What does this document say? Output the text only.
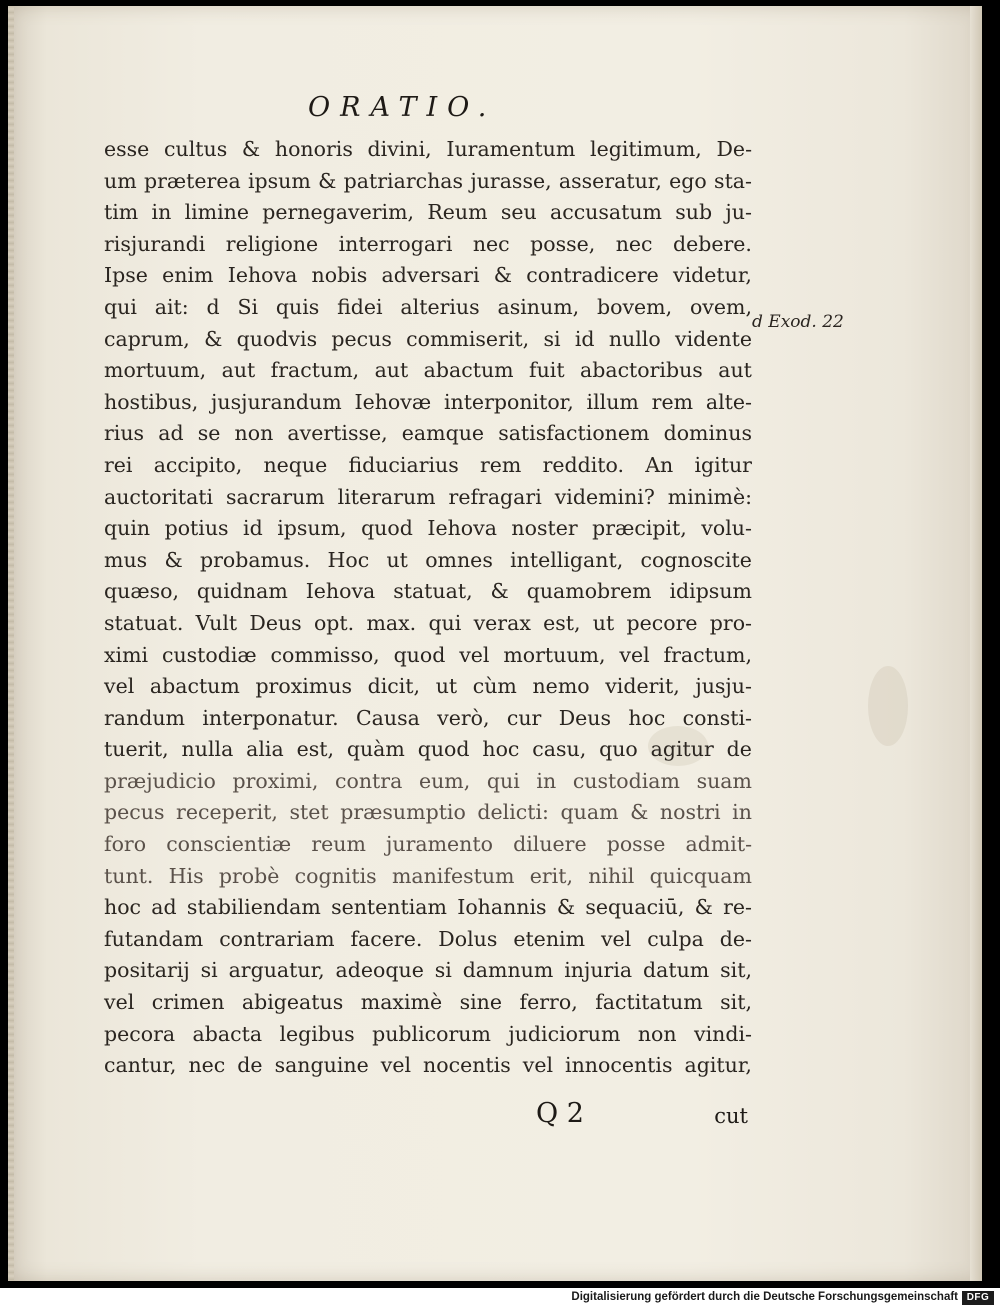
ORATIO.
esse cultus & honoris divini, Iuramentum legitimum, De-
um prӕterea ipsum & patriarchas jurasse, asseratur, ego sta-
tim in limine pernegaverim, Reum seu accusatum sub ju-
risjurandi religione interrogari nec posse, nec debere.
Ipse enim Iehova nobis adversari & contradicere videtur,
qui ait: d Si quis fidei alterius asinum, bovem, ovem,
caprum, & quodvis pecus commiserit, si id nullo vidente
mortuum, aut fractum, aut abactum fuit abactoribus aut
hostibus, jusjurandum Iehovӕ interponitor, illum rem alte-
rius ad se non avertisse, eamque satisfactionem dominus
rei accipito, neque fiduciarius rem reddito. An igitur
auctoritati sacrarum literarum refragari videmini? minimè:
quin potius id ipsum, quod Iehova noster prӕcipit, volu-
mus & probamus. Hoc ut omnes intelligant, cognoscite
quӕso, quidnam Iehova statuat, & quamobrem idipsum
statuat. Vult Deus opt. max. qui verax est, ut pecore pro-
ximi custodiӕ commisso, quod vel mortuum, vel fractum,
vel abactum proximus dicit, ut cùm nemo viderit, jusju-
randum interponatur. Causa verò, cur Deus hoc consti-
tuerit, nulla alia est, quàm quod hoc casu, quo agitur de
prӕjudicio proximi, contra eum, qui in custodiam suam
pecus receperit, stet prӕsumptio delicti: quam & nostri in
foro conscientiӕ reum juramento diluere posse admit-
tunt. His probè cognitis manifestum erit, nihil quicquam
hoc ad stabiliendam sententiam Iohannis & sequaciū, & re-
futandam contrariam facere. Dolus etenim vel culpa de-
positarij si arguatur, adeoque si damnum injuria datum sit,
vel crimen abigeatus maximè sine ferro, factitatum sit,
pecora abacta legibus publicorum judiciorum non vindi-
cantur, nec de sanguine vel nocentis vel innocentis agitur,
d Exod. 22
Q 2	cut
Digitalisierung gefördert durch die Deutsche Forschungsgemeinschaft DFG
